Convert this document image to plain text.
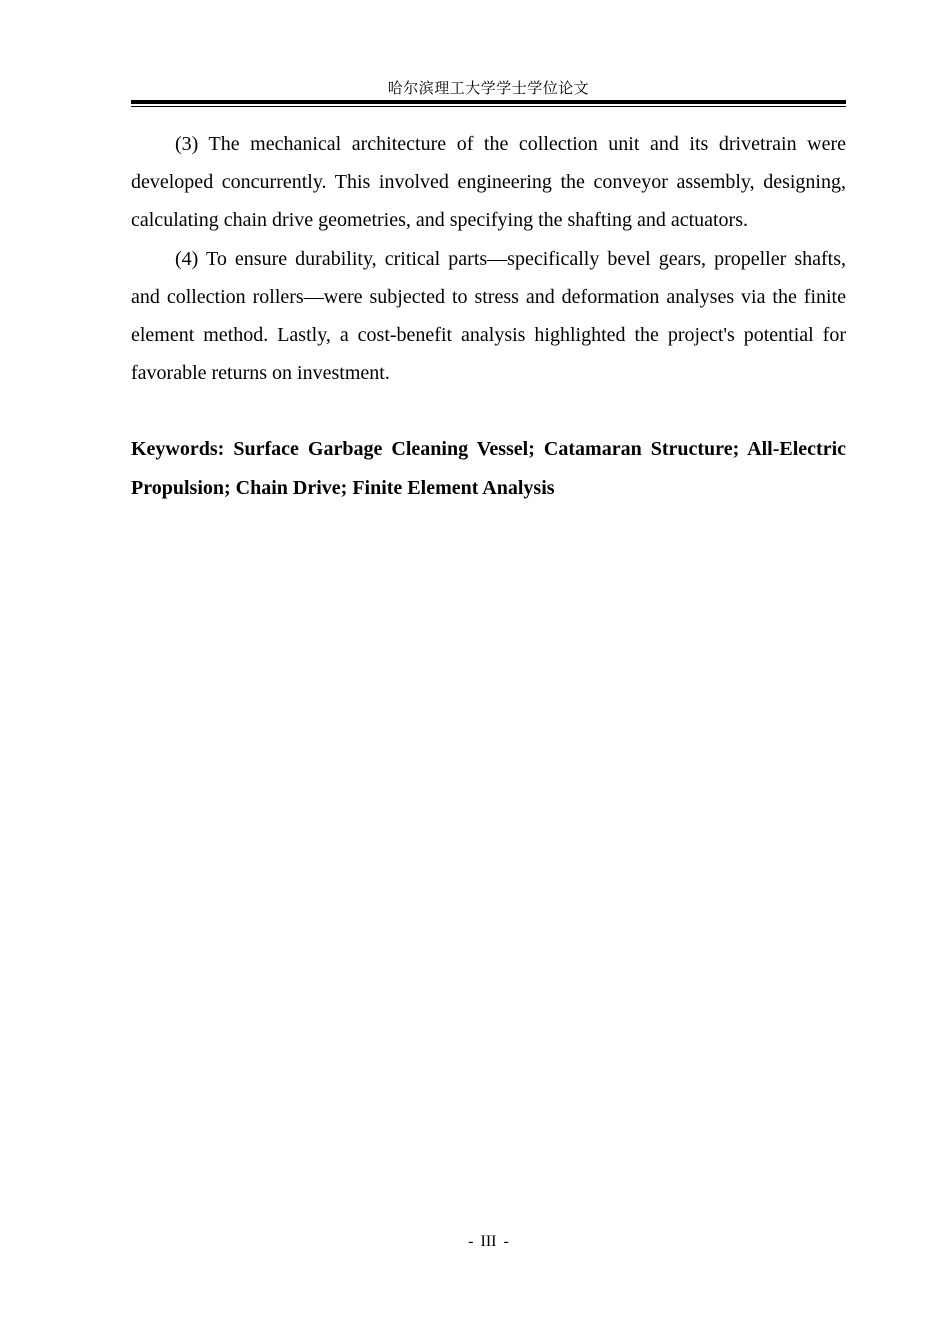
哈尔滨理工大学学士学位论文

(3) The mechanical architecture of the collection unit and its drivetrain were developed concurrently. This involved engineering the conveyor assembly, designing, calculating chain drive geometries, and specifying the shafting and actuators.

(4) To ensure durability, critical parts—specifically bevel gears, propeller shafts, and collection rollers—were subjected to stress and deformation analyses via the finite element method. Lastly, a cost-benefit analysis highlighted the project's potential for favorable returns on investment.

Keywords: Surface Garbage Cleaning Vessel; Catamaran Structure; All-Electric Propulsion; Chain Drive; Finite Element Analysis

- III -
